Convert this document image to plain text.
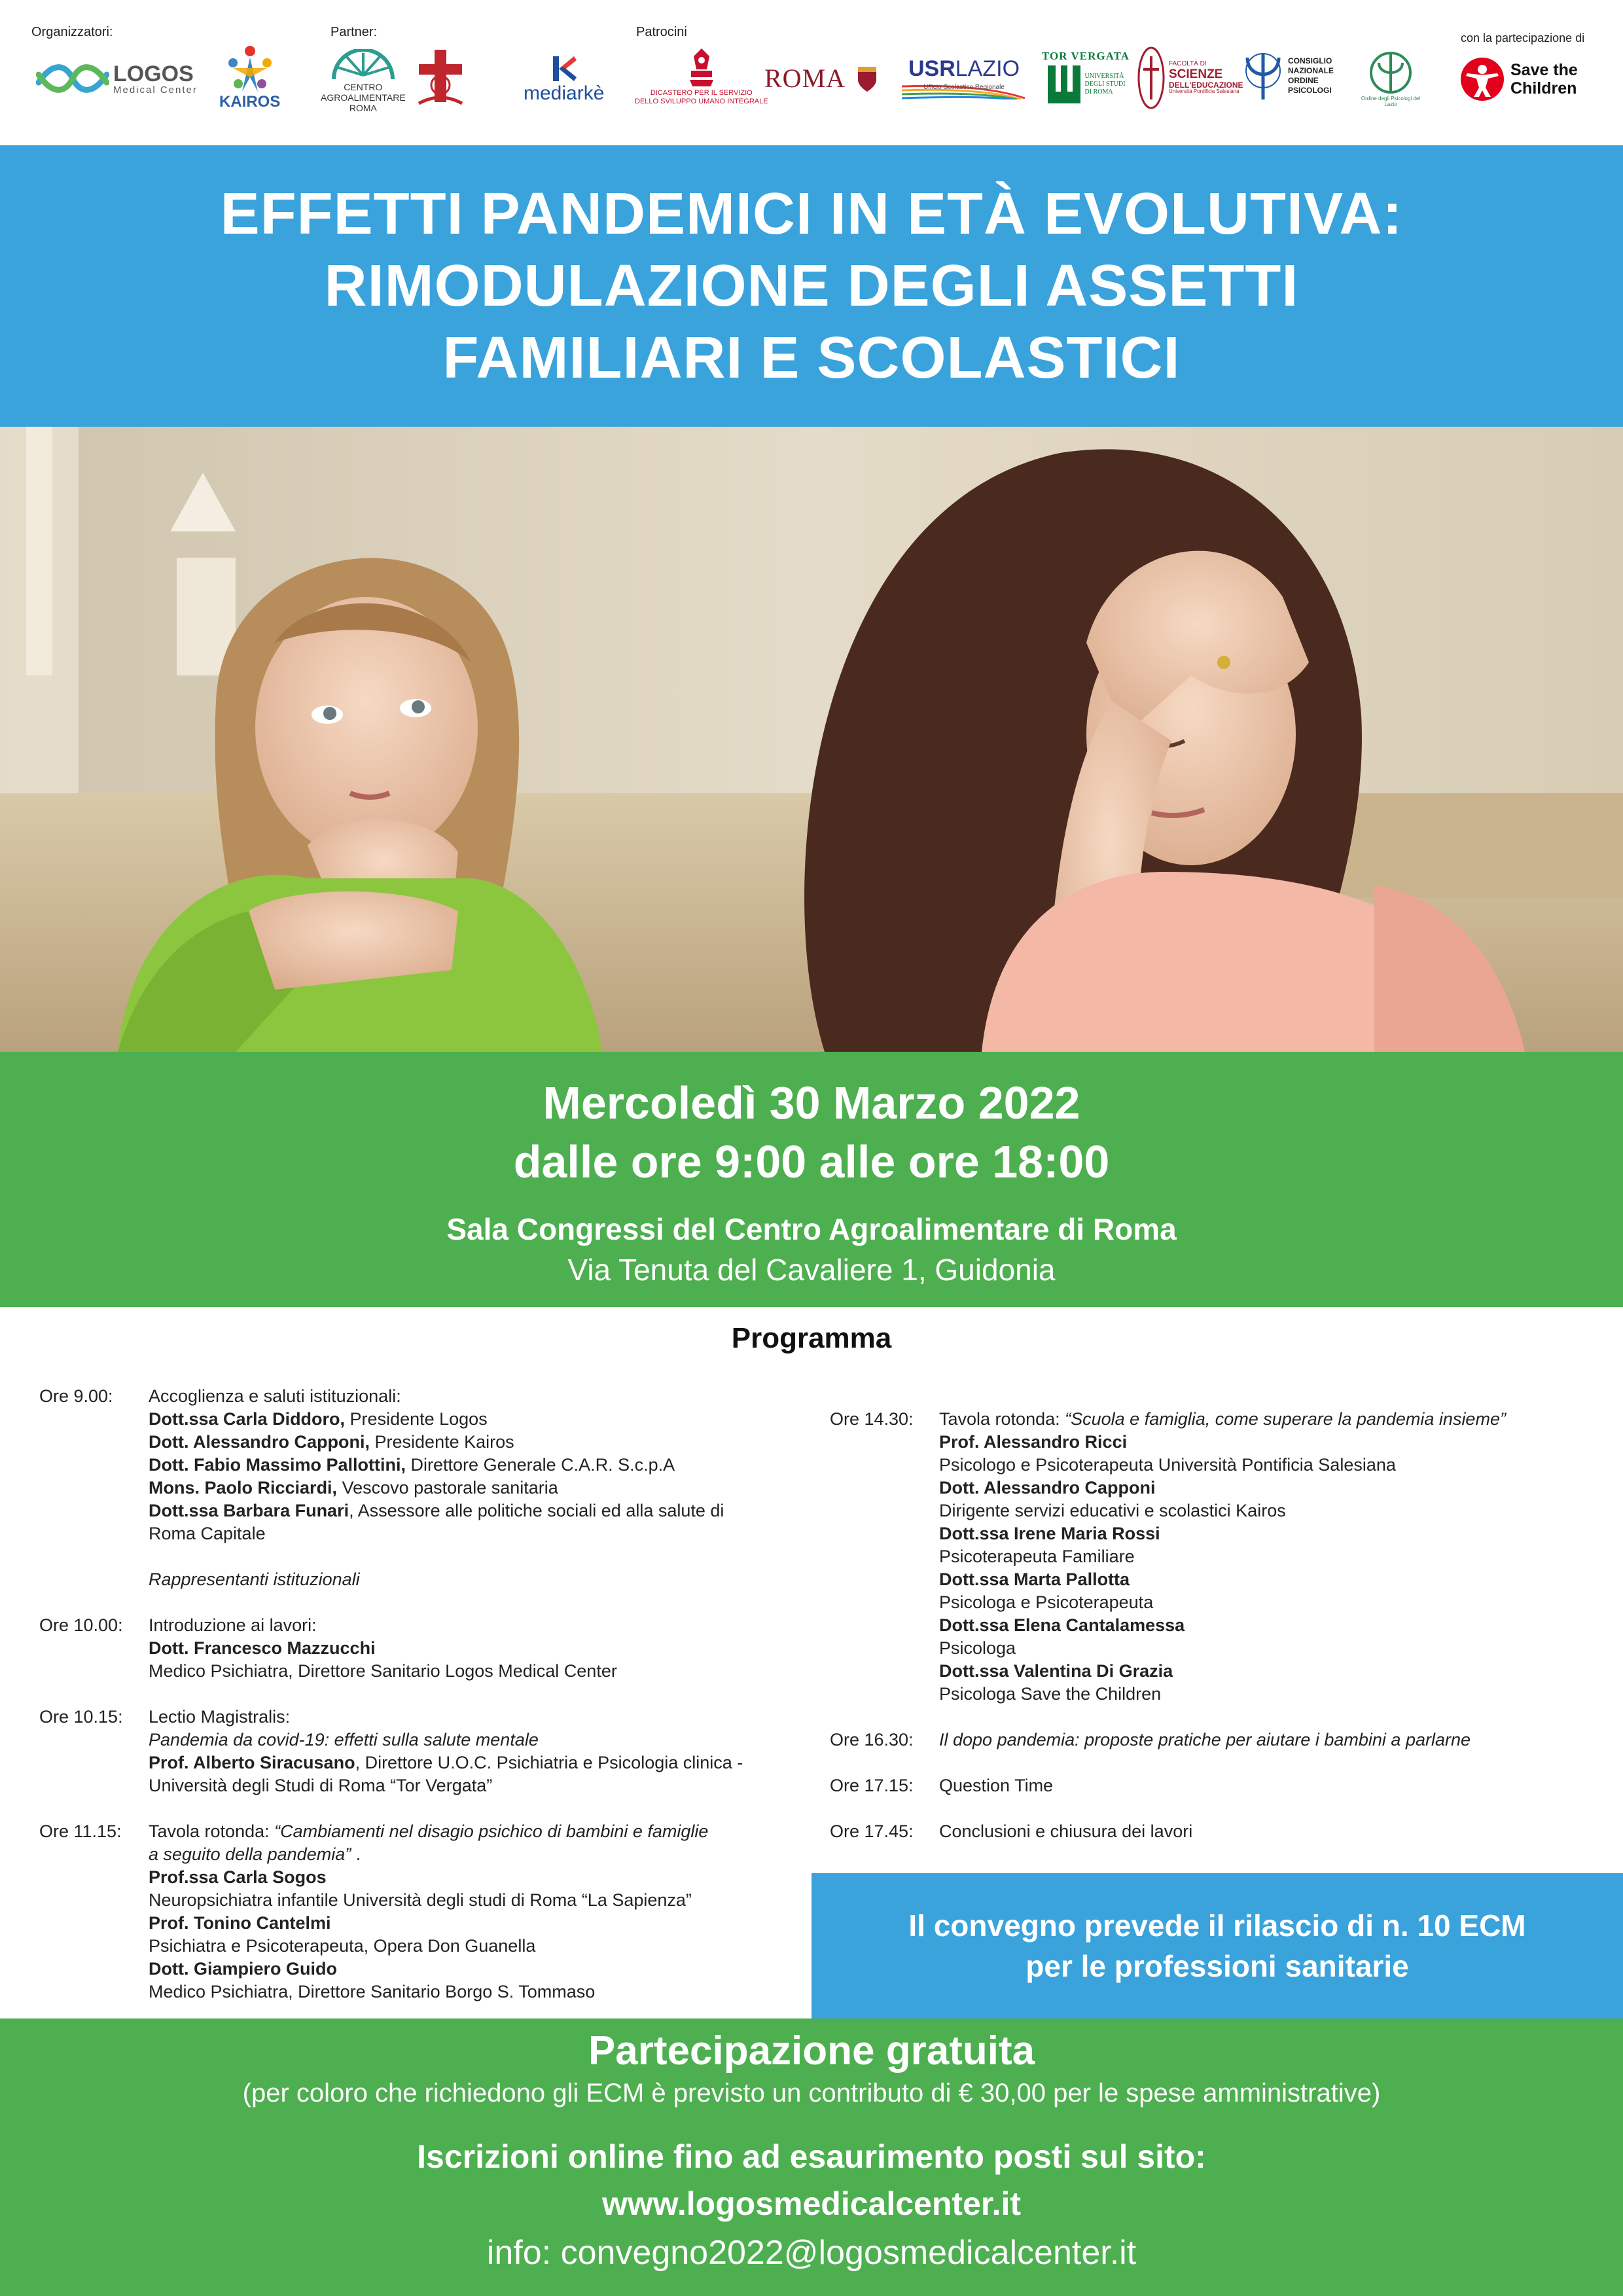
Organizzatori:	Partner:	Patrocini	con la partecipazione di
LOGOS
Medical Center
KAIROS
CENTRO
AGROALIMENTARE
ROMA
mediarkè	DICASTERO PER IL SERVIZIO
DELLO SVILUPPO UMANO INTEGRALE
ROMA	USRLAZIO
Ufficio Scolastico Regionale
TOR VERGATA
UNIVERSITÀ
DEGLI STUDI
DI ROMA
FACOLTÀ DI
SCIENZE
DELL'EDUCAZIONE
Università Pontificia Salesiana
CONSIGLIO
NAZIONALE
ORDINE
PSICOLOGI
Ordine degli Psicologi del Lazio
Save the
Children
EFFETTI PANDEMICI IN ETÀ EVOLUTIVA:
RIMODULAZIONE DEGLI ASSETTI
FAMILIARI E SCOLASTICI
Mercoledì 30 Marzo 2022
dalle ore 9:00 alle ore 18:00
Sala Congressi del Centro Agroalimentare di Roma
Via Tenuta del Cavaliere 1, Guidonia
Programma
Ore 9.00:	Accoglienza e saluti istituzionali:
Dott.ssa Carla Diddoro, Presidente Logos
Dott. Alessandro Capponi, Presidente Kairos
Dott. Fabio Massimo Pallottini, Direttore Generale C.A.R. S.c.p.A
Mons. Paolo Ricciardi, Vescovo pastorale sanitaria
Dott.ssa Barbara Funari, Assessore alle politiche sociali ed alla salute di
Roma Capitale
Rappresentanti istituzionali
Ore 10.00:	Introduzione ai lavori:
Dott. Francesco Mazzucchi
Medico Psichiatra, Direttore Sanitario Logos Medical Center
Ore 10.15:	Lectio Magistralis:
Pandemia da covid-19: effetti sulla salute mentale
Prof. Alberto Siracusano, Direttore U.O.C. Psichiatria e Psicologia clinica -
Università degli Studi di Roma “Tor Vergata”
Ore 11.15:	Tavola rotonda: “Cambiamenti nel disagio psichico di bambini e famiglie
a seguito della pandemia” .
Prof.ssa Carla Sogos
Neuropsichiatra infantile Università degli studi di Roma “La Sapienza”
Prof. Tonino Cantelmi
Psichiatra e Psicoterapeuta, Opera Don Guanella
Dott. Giampiero Guido
Medico Psichiatra, Direttore Sanitario Borgo S. Tommaso
Ore 14.30:	Tavola rotonda: “Scuola e famiglia, come superare la pandemia insieme”
Prof. Alessandro Ricci
Psicologo e Psicoterapeuta Università Pontificia Salesiana
Dott. Alessandro Capponi
Dirigente servizi educativi e scolastici Kairos
Dott.ssa Irene Maria Rossi
Psicoterapeuta Familiare
Dott.ssa Marta Pallotta
Psicologa e Psicoterapeuta
Dott.ssa Elena Cantalamessa
Psicologa
Dott.ssa Valentina Di Grazia
Psicologa Save the Children
Ore 16.30:	Il dopo pandemia: proposte pratiche per aiutare i bambini a parlarne
Ore 17.15:	Question Time
Ore 17.45:	Conclusioni e chiusura dei lavori
Il convegno prevede il rilascio di n. 10 ECM
per le professioni sanitarie
Partecipazione gratuita
(per coloro che richiedono gli ECM è previsto un contributo di € 30,00 per le spese amministrative)
Iscrizioni online fino ad esaurimento posti sul sito:
www.logosmedicalcenter.it
info: convegno2022@logosmedicalcenter.it
